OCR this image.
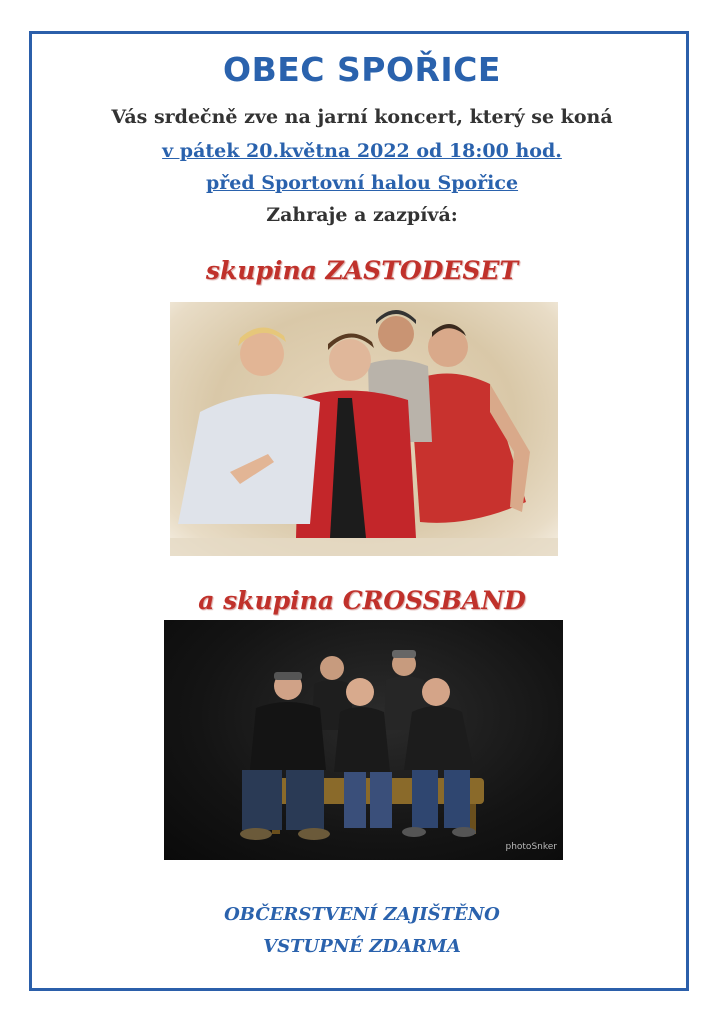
OBEC SPOŘICE
Vás srdečně zve na jarní koncert, který se koná
v pátek 20.května 2022 od 18:00 hod.
před Sportovní halou Spořice
Zahraje a zazpívá:
skupina ZASTODESET
a skupina CROSSBAND
photoSnker
OBČERSTVENÍ ZAJIŠTĚNO
VSTUPNÉ ZDARMA
